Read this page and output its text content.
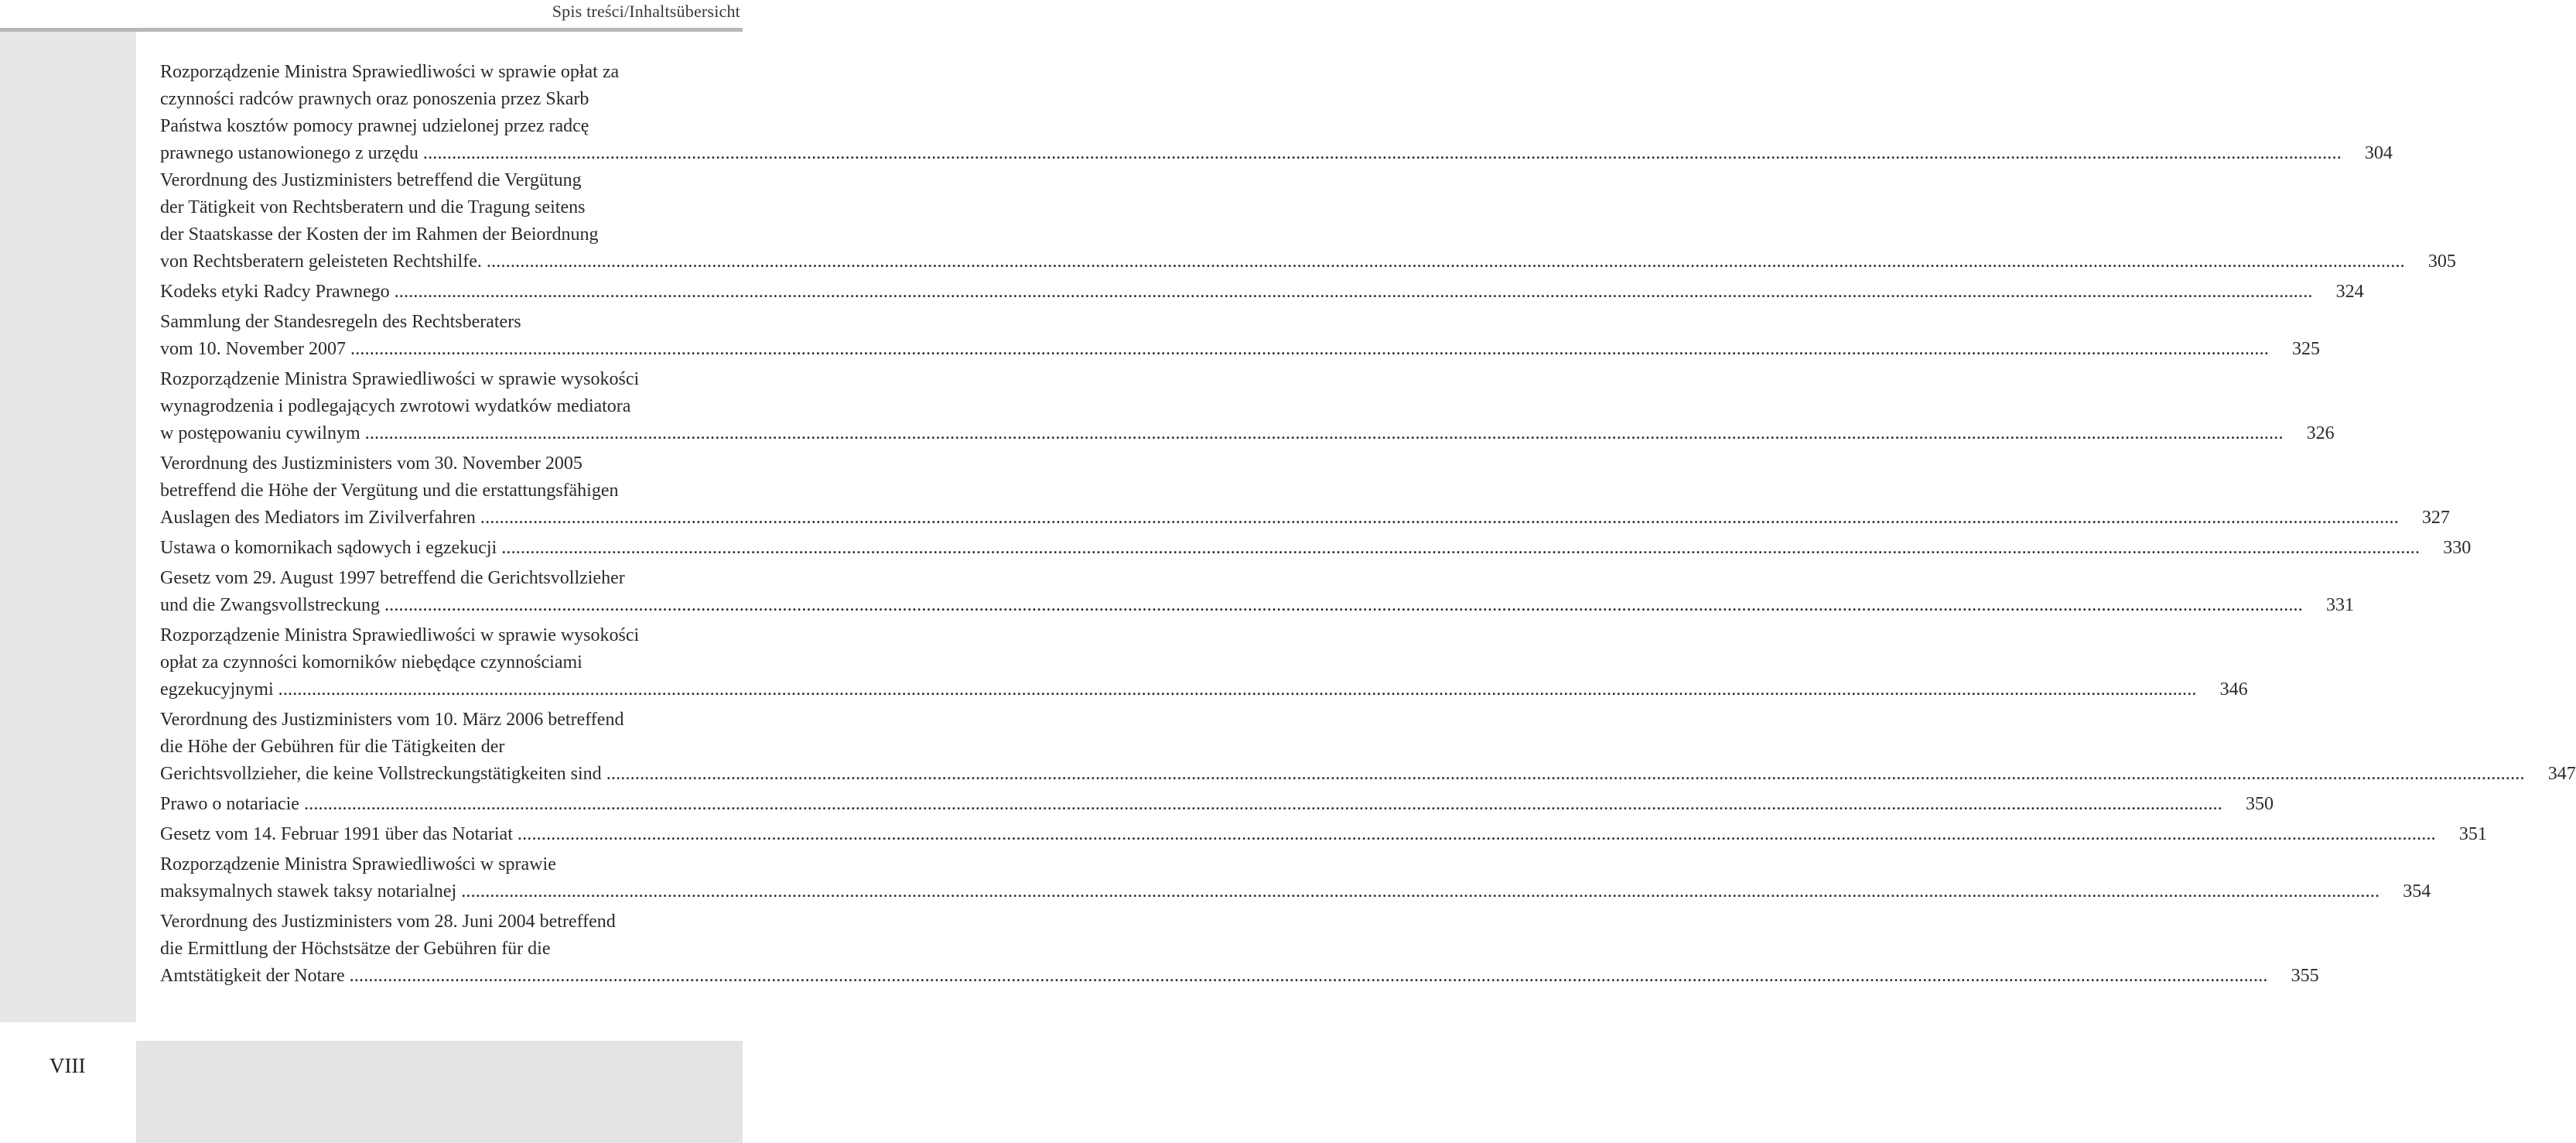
Spis treści/Inhaltsübersicht
Rozporządzenie Ministra Sprawiedliwości w sprawie opłat za
czynności radców prawnych oraz ponoszenia przez Skarb
Państwa kosztów pomocy prawnej udzielonej przez radcę
prawnego ustanowionego z urzędu ................................................................................................................................................................................................................................................................................................................................................................................................................ 304
Verordnung des Justizministers betreffend die Vergütung
der Tätigkeit von Rechtsberatern und die Tragung seitens
der Staatskasse der Kosten der im Rahmen der Beiordnung
von Rechtsberatern geleisteten Rechtshilfe. ................................................................................................................................................................................................................................................................................................................................................................................................................ 305
Kodeks etyki Radcy Prawnego ................................................................................................................................................................................................................................................................................................................................................................................................................ 324
Sammlung der Standesregeln des Rechtsberaters
vom 10. November 2007 ................................................................................................................................................................................................................................................................................................................................................................................................................ 325
Rozporządzenie Ministra Sprawiedliwości w sprawie wysokości
wynagrodzenia i podlegających zwrotowi wydatków mediatora
w postępowaniu cywilnym ................................................................................................................................................................................................................................................................................................................................................................................................................ 326
Verordnung des Justizministers vom 30. November 2005
betreffend die Höhe der Vergütung und die erstattungsfähigen
Auslagen des Mediators im Zivilverfahren ................................................................................................................................................................................................................................................................................................................................................................................................................ 327
Ustawa o komornikach sądowych i egzekucji ................................................................................................................................................................................................................................................................................................................................................................................................................ 330
Gesetz vom 29. August 1997 betreffend die Gerichtsvollzieher
und die Zwangsvollstreckung ................................................................................................................................................................................................................................................................................................................................................................................................................ 331
Rozporządzenie Ministra Sprawiedliwości w sprawie wysokości
opłat za czynności komorników niebędące czynnościami
egzekucyjnymi ................................................................................................................................................................................................................................................................................................................................................................................................................ 346
Verordnung des Justizministers vom 10. März 2006 betreffend
die Höhe der Gebühren für die Tätigkeiten der
Gerichtsvollzieher, die keine Vollstreckungstätigkeiten sind ................................................................................................................................................................................................................................................................................................................................................................................................................ 347
Prawo o notariacie ................................................................................................................................................................................................................................................................................................................................................................................................................ 350
Gesetz vom 14. Februar 1991 über das Notariat ................................................................................................................................................................................................................................................................................................................................................................................................................ 351
Rozporządzenie Ministra Sprawiedliwości w sprawie
maksymalnych stawek taksy notarialnej ................................................................................................................................................................................................................................................................................................................................................................................................................ 354
Verordnung des Justizministers vom 28. Juni 2004 betreffend
die Ermittlung der Höchstsätze der Gebühren für die
Amtstätigkeit der Notare ................................................................................................................................................................................................................................................................................................................................................................................................................ 355
VIII
